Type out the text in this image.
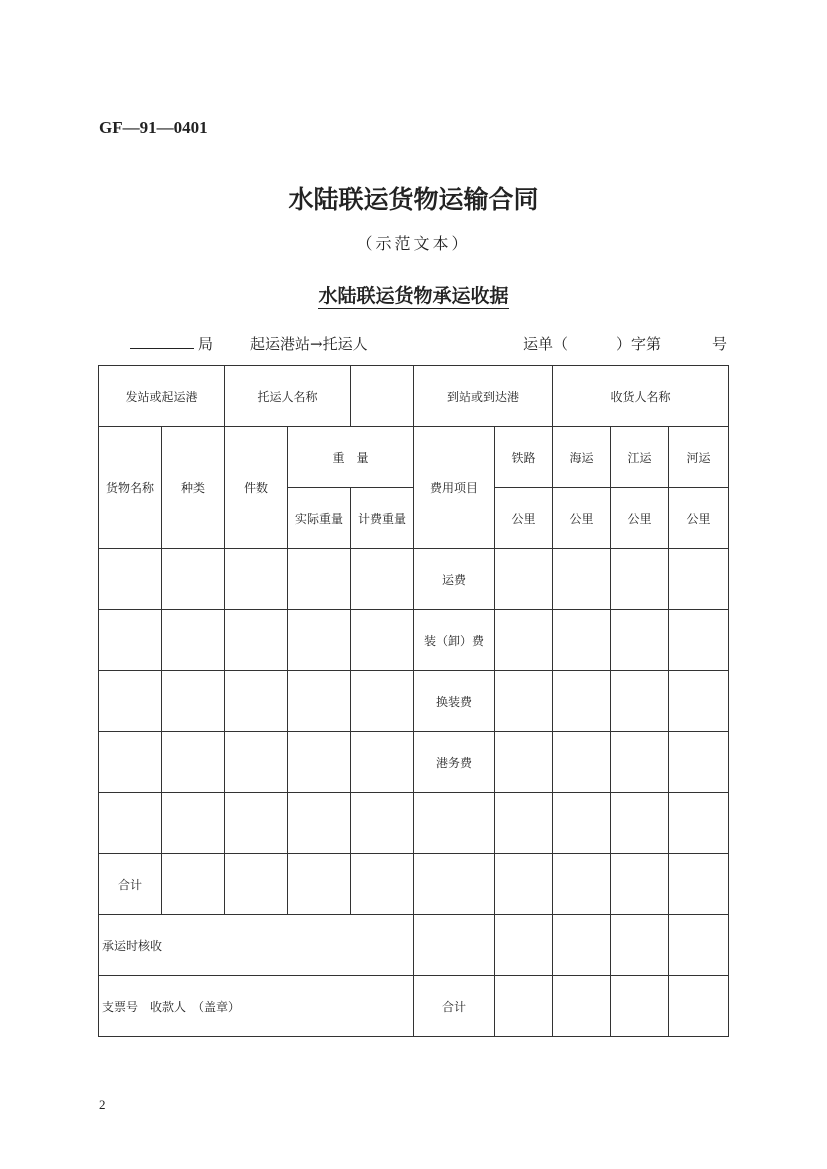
GF—91—0401
水陆联运货物运输合同
（示范文本）
水陆联运货物承运收据
局 起运港站→托运人	运单（	）字第	号
发站或起运港		托运人名称			到站或到达港		收货人名称		
货物名称	种类	件数	重　量		费用项目	铁路	海运	江运	河运
			实际重量	计费重量		公里	公里	公里	公里
					运费				
					装（卸）费				
					换装费				
					港务费				

合计									
承运时核收									
支票号　收款人　（盖章）					合计				
2
